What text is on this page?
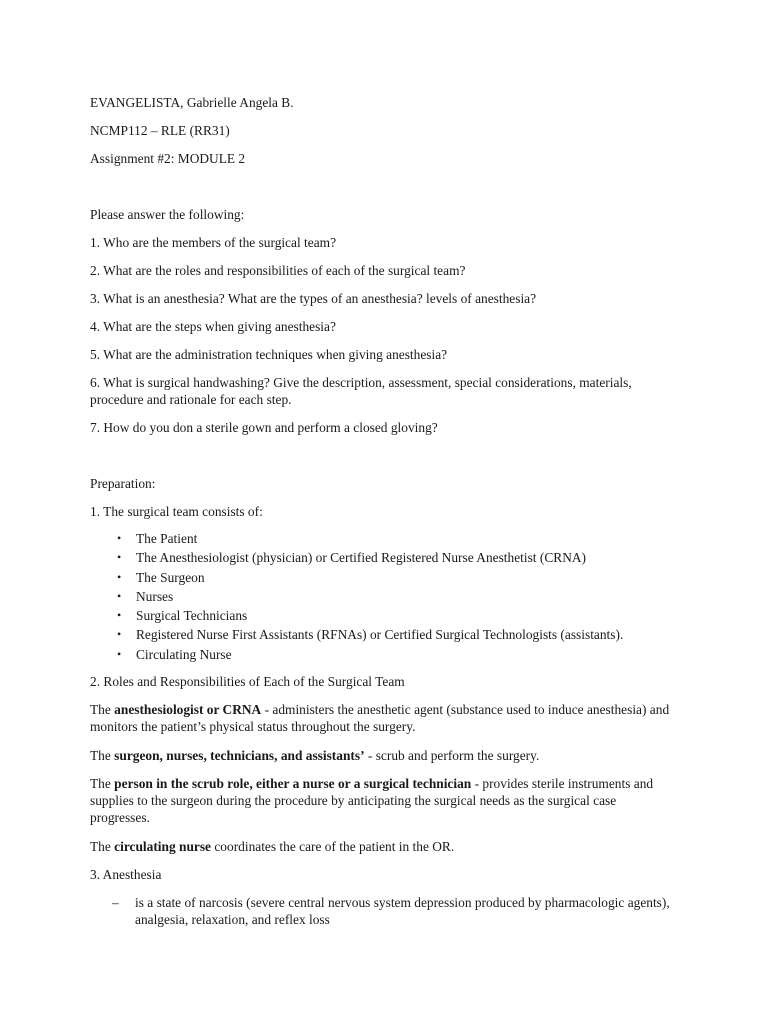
EVANGELISTA, Gabrielle Angela B.

NCMP112 – RLE (RR31)

Assignment #2: MODULE 2

Please answer the following:

1. Who are the members of the surgical team?

2. What are the roles and responsibilities of each of the surgical team?

3. What is an anesthesia? What are the types of an anesthesia? levels of anesthesia?

4. What are the steps when giving anesthesia?

5. What are the administration techniques when giving anesthesia?

6. What is surgical handwashing? Give the description, assessment, special considerations, materials, procedure and rationale for each step.

7. How do you don a sterile gown and perform a closed gloving?

Preparation:

1. The surgical team consists of:

• The Patient
• The Anesthesiologist (physician) or Certified Registered Nurse Anesthetist (CRNA)
• The Surgeon
• Nurses
• Surgical Technicians
• Registered Nurse First Assistants (RFNAs) or Certified Surgical Technologists (assistants).
• Circulating Nurse

2. Roles and Responsibilities of Each of the Surgical Team

The anesthesiologist or CRNA - administers the anesthetic agent (substance used to induce anesthesia) and monitors the patient’s physical status throughout the surgery.

The surgeon, nurses, technicians, and assistants’ - scrub and perform the surgery.

The person in the scrub role, either a nurse or a surgical technician - provides sterile instruments and supplies to the surgeon during the procedure by anticipating the surgical needs as the surgical case progresses.

The circulating nurse coordinates the care of the patient in the OR.

3. Anesthesia

– is a state of narcosis (severe central nervous system depression produced by pharmacologic agents), analgesia, relaxation, and reflex loss
